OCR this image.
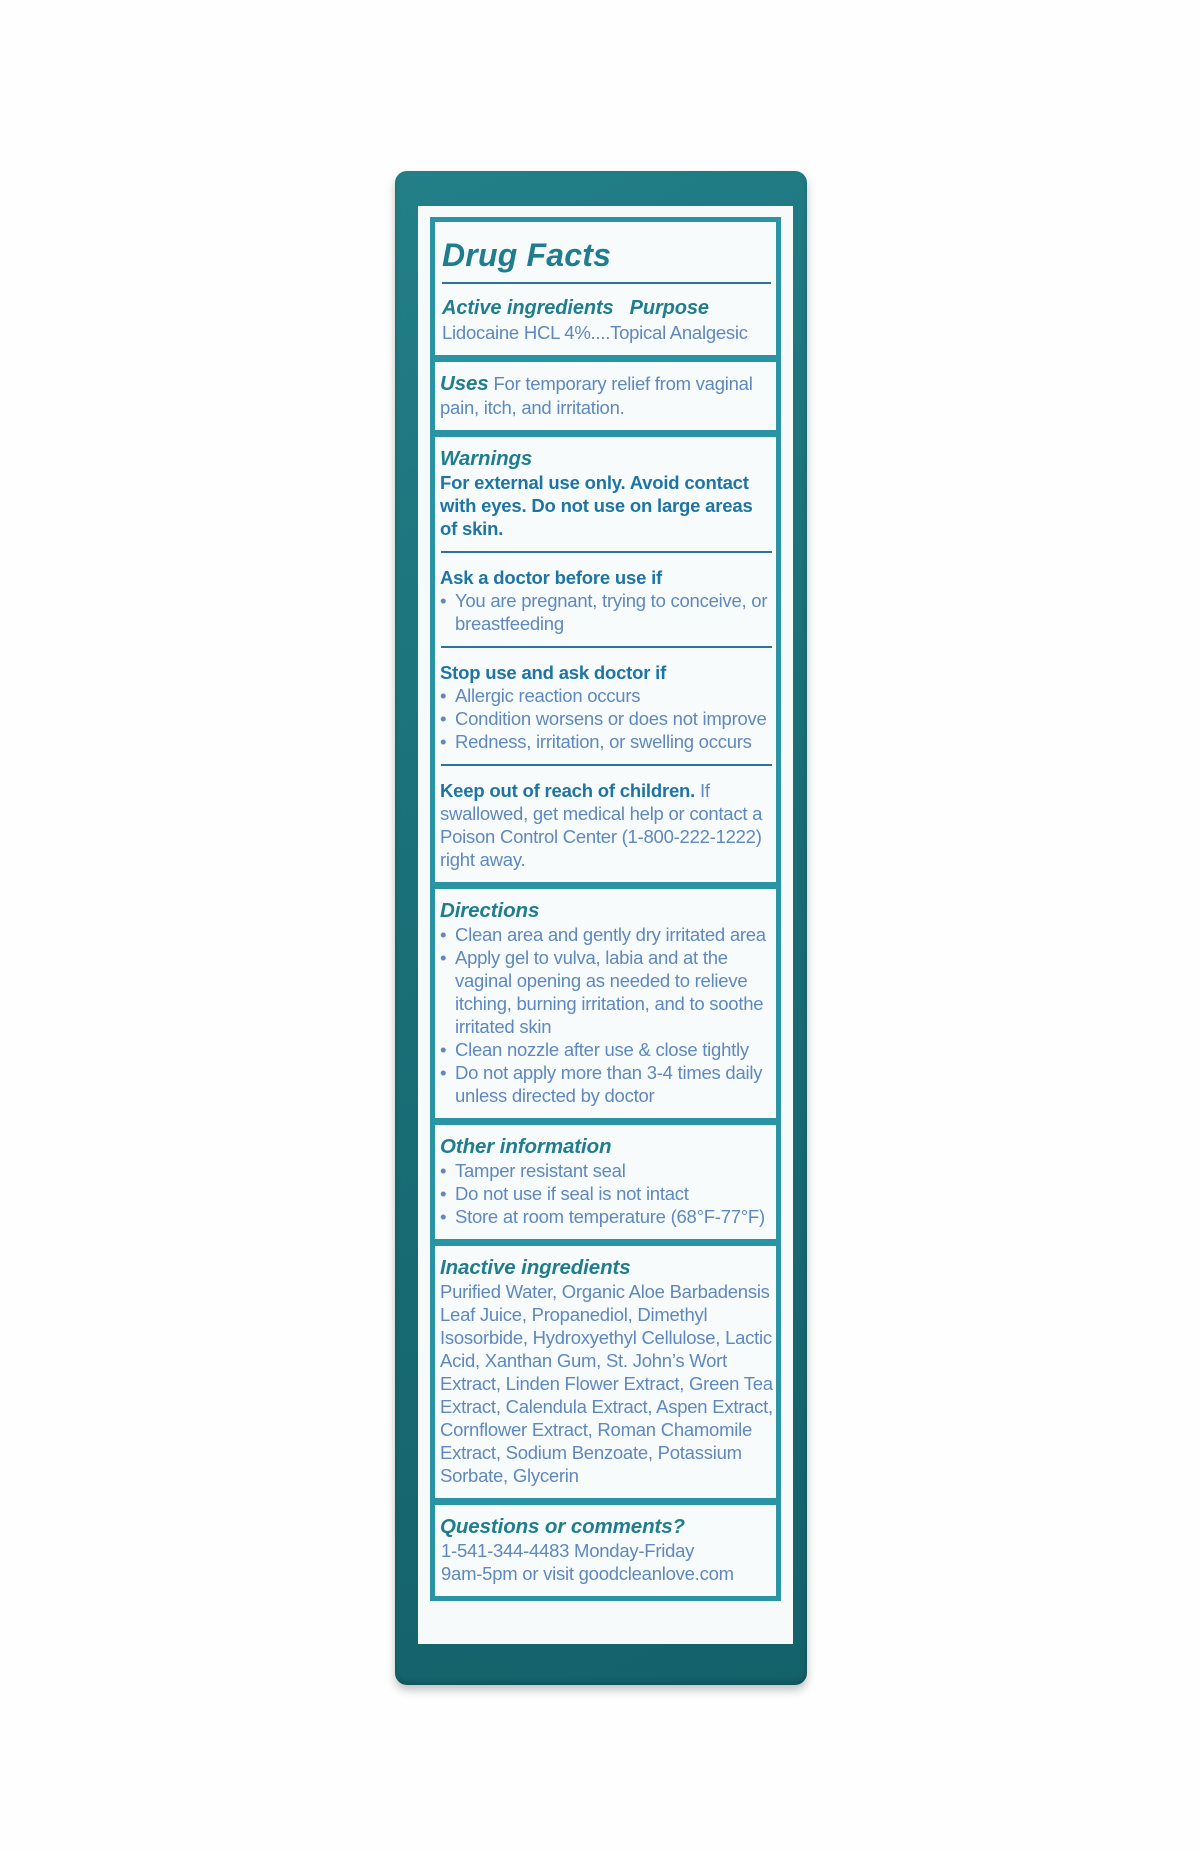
Drug Facts
Active ingredients Purpose
Lidocaine HCL 4%....Topical Analgesic
Uses For temporary relief from vaginal pain, itch, and irritation.
Warnings
For external use only. Avoid contact with eyes. Do not use on large areas of skin.
Ask a doctor before use if
• You are pregnant, trying to conceive, or breastfeeding
Stop use and ask doctor if
• Allergic reaction occurs
• Condition worsens or does not improve
• Redness, irritation, or swelling occurs
Keep out of reach of children. If swallowed, get medical help or contact a Poison Control Center (1-800-222-1222) right away.
Directions
• Clean area and gently dry irritated area
• Apply gel to vulva, labia and at the vaginal opening as needed to relieve itching, burning irritation, and to soothe irritated skin
• Clean nozzle after use & close tightly
• Do not apply more than 3-4 times daily unless directed by doctor
Other information
• Tamper resistant seal
• Do not use if seal is not intact
• Store at room temperature (68°F-77°F)
Inactive ingredients
Purified Water, Organic Aloe Barbadensis Leaf Juice, Propanediol, Dimethyl Isosorbide, Hydroxyethyl Cellulose, Lactic Acid, Xanthan Gum, St. John’s Wort Extract, Linden Flower Extract, Green Tea Extract, Calendula Extract, Aspen Extract, Cornflower Extract, Roman Chamomile Extract, Sodium Benzoate, Potassium Sorbate, Glycerin
Questions or comments?
1-541-344-4483 Monday-Friday
9am-5pm or visit goodcleanlove.com
